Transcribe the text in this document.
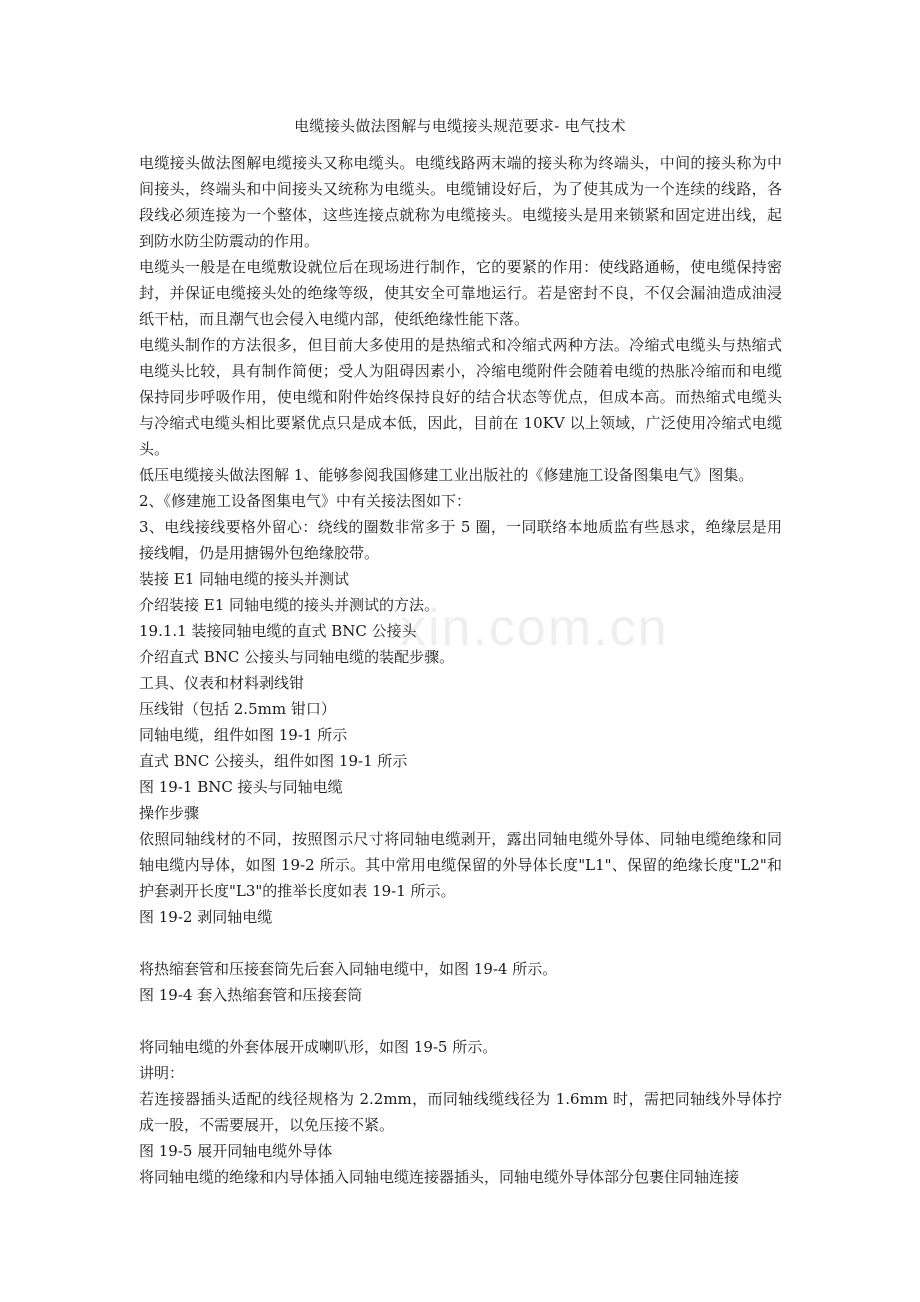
电缆接头做法图解与电缆接头规范要求- 电气技术

电缆接头做法图解电缆接头又称电缆头。电缆线路两末端的接头称为终端头，中间的接头称为中间接头，终端头和中间接头又统称为电缆头。电缆铺设好后，为了使其成为一个连续的线路，各段线必须连接为一个整体，这些连接点就称为电缆接头。电缆接头是用来锁紧和固定进出线，起到防水防尘防震动的作用。

电缆头一般是在电缆敷设就位后在现场进行制作，它的要紧的作用：使线路通畅，使电缆保持密封，并保证电缆接头处的绝缘等级，使其安全可靠地运行。若是密封不良，不仅会漏油造成油浸纸干枯，而且潮气也会侵入电缆内部，使纸绝缘性能下落。

电缆头制作的方法很多，但目前大多使用的是热缩式和冷缩式两种方法。冷缩式电缆头与热缩式电缆头比较，具有制作简便；受人为阻碍因素小，冷缩电缆附件会随着电缆的热胀冷缩而和电缆保持同步呼吸作用，使电缆和附件始终保持良好的结合状态等优点，但成本高。而热缩式电缆头与冷缩式电缆头相比要紧优点只是成本低，因此，目前在 10KV 以上领域，广泛使用冷缩式电缆头。

低压电缆接头做法图解 1、能够参阅我国修建工业出版社的《修建施工设备图集电气》图集。

2、《修建施工设备图集电气》中有关接法图如下：

3、电线接线要格外留心：绕线的圈数非常多于 5 圈，一同联络本地质监有些恳求，绝缘层是用接线帽，仍是用搪锡外包绝缘胶带。

装接 E1 同轴电缆的接头并测试

介绍装接 E1 同轴电缆的接头并测试的方法。

19.1.1 装接同轴电缆的直式 BNC 公接头

介绍直式 BNC 公接头与同轴电缆的装配步骤。

工具、仪表和材料剥线钳

压线钳（包括 2.5mm 钳口）

同轴电缆，组件如图 19-1 所示

直式 BNC 公接头，组件如图 19-1 所示

图 19-1 BNC 接头与同轴电缆

操作步骤

依照同轴线材的不同，按照图示尺寸将同轴电缆剥开，露出同轴电缆外导体、同轴电缆绝缘和同轴电缆内导体，如图 19-2 所示。其中常用电缆保留的外导体长度"L1"、保留的绝缘长度"L2"和护套剥开长度"L3"的推举长度如表 19-1 所示。

图 19-2 剥同轴电缆

将热缩套管和压接套筒先后套入同轴电缆中，如图 19-4 所示。

图 19-4 套入热缩套管和压接套筒

将同轴电缆的外套体展开成喇叭形，如图 19-5 所示。

讲明：

若连接器插头适配的线径规格为 2.2mm，而同轴线缆线径为 1.6mm 时，需把同轴线外导体拧成一股，不需要展开，以免压接不紧。

图 19-5 展开同轴电缆外导体

将同轴电缆的绝缘和内导体插入同轴电缆连接器插头，同轴电缆外导体部分包裹住同轴连接

xin.com.cn
